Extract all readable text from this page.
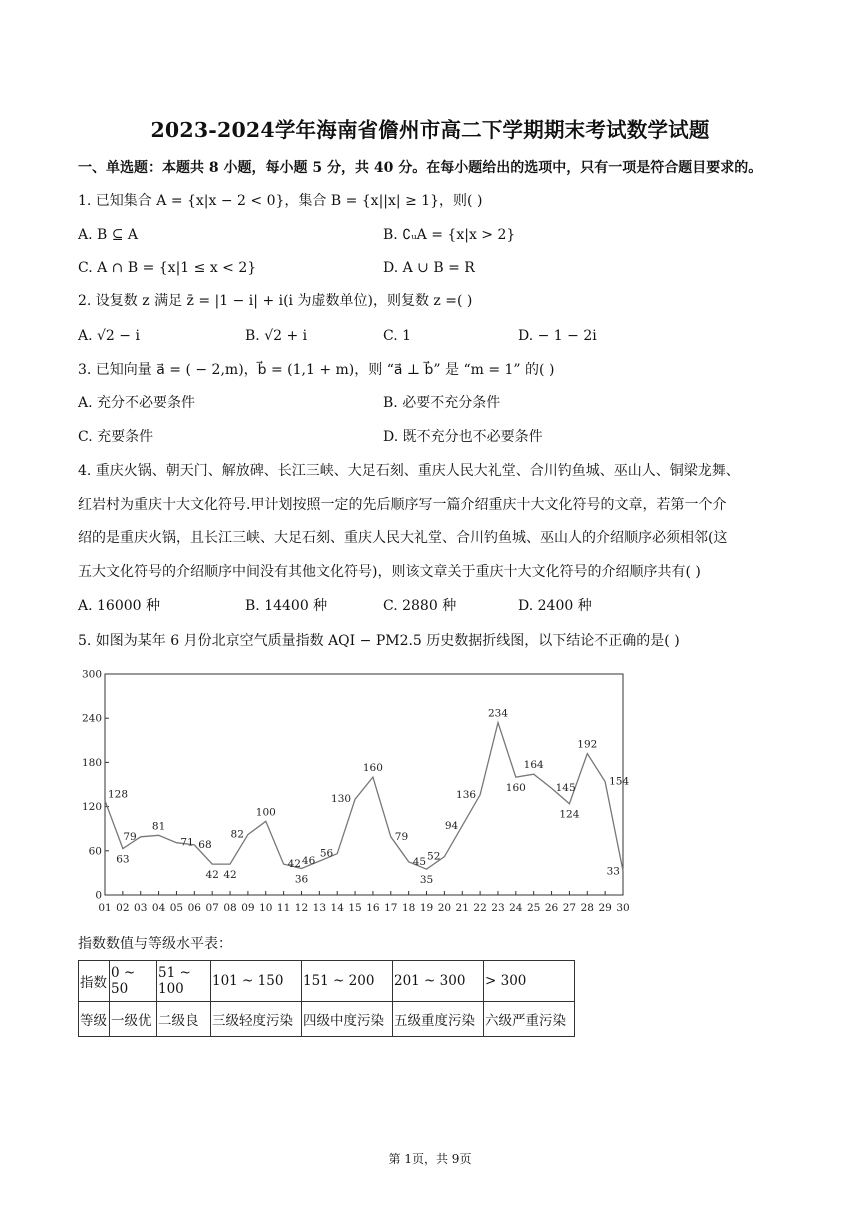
2023-2024学年海南省儋州市高二下学期期末考试数学试题
一、单选题：本题共 8 小题，每小题 5 分，共 40 分。在每小题给出的选项中，只有一项是符合题目要求的。
1. 已知集合 A = {x|x − 2 < 0}，集合 B = {x||x| ≥ 1}，则( )
A. B ⊆ A	B. ∁ᵤA = {x|x > 2}
C. A ∩ B = {x|1 ≤ x < 2}	D. A ∪ B = R
2. 设复数 z 满足 z̄ = |1 − i| + i(i 为虚数单位)，则复数 z =( )
A. √2 − i	B. √2 + i	C. 1	D. − 1 − 2i
3. 已知向量 a⃗ = ( − 2,m)，b⃗ = (1,1 + m)，则 “a⃗ ⊥ b⃗” 是 “m = 1” 的( )
A. 充分不必要条件	B. 必要不充分条件
C. 充要条件	D. 既不充分也不必要条件
4. 重庆火锅、朝天门、解放碑、长江三峡、大足石刻、重庆人民大礼堂、合川钓鱼城、巫山人、铜梁龙舞、
红岩村为重庆十大文化符号.甲计划按照一定的先后顺序写一篇介绍重庆十大文化符号的文章，若第一个介
绍的是重庆火锅，且长江三峡、大足石刻、重庆人民大礼堂、合川钓鱼城、巫山人的介绍顺序必须相邻(这
五大文化符号的介绍顺序中间没有其他文化符号)，则该文章关于重庆十大文化符号的介绍顺序共有( )
A. 16000 种	B. 14400 种	C. 2880 种	D. 2400 种
5. 如图为某年 6 月份北京空气质量指数 AQI − PM2.5 历史数据折线图，以下结论不正确的是( )
0
60
120
180
240
300
01 02 03 04 05 06 07 08 09 10 11 12 13 14 15 16 17 18 19 20 21 22 23 24 25 26 27 28 29 30
128
63
79
81
71 68
42 42
82
100
42
36
46
56
130
160
79
45
35
52
94
136
234
160
164
145
124
192
154
33
指数数值与等级水平表：
指数	0 ~ 50	51 ~ 100	101 ~ 150	151 ~ 200	201 ~ 300	> 300
等级	一级优	二级良	三级轻度污染	四级中度污染	五级重度污染	六级严重污染
第 1页，共 9页
